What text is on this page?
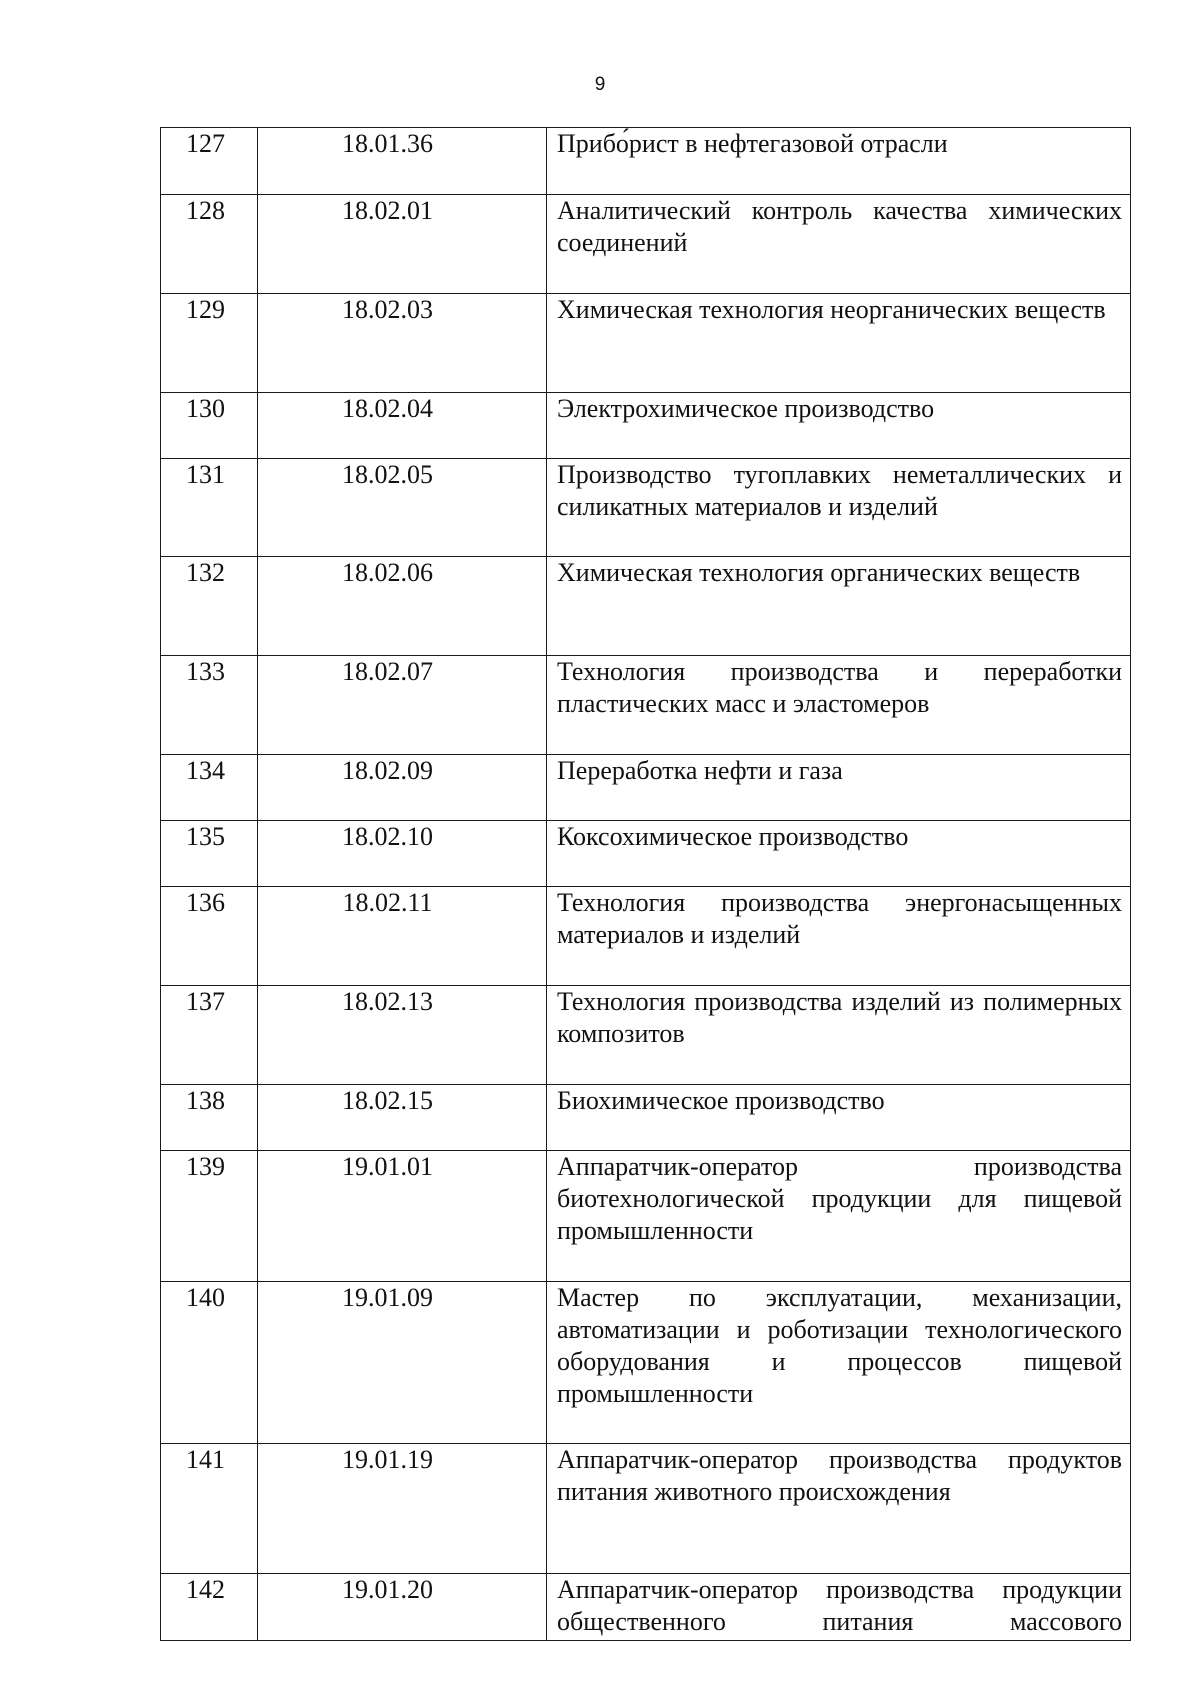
9
127	18.01.36	Прибо́рист в нефтегазовой отрасли
128	18.02.01	Аналитический контроль качества химических соединений
129	18.02.03	Химическая технология неорганических веществ
130	18.02.04	Электрохимическое производство
131	18.02.05	Производство тугоплавких неметаллических и силикатных материалов и изделий
132	18.02.06	Химическая технология органических веществ
133	18.02.07	Технология производства и переработки пластических масс и эластомеров
134	18.02.09	Переработка нефти и газа
135	18.02.10	Коксохимическое производство
136	18.02.11	Технология производства энергонасыщенных материалов и изделий
137	18.02.13	Технология производства изделий из полимерных композитов
138	18.02.15	Биохимическое производство
139	19.01.01	Аппаратчик-оператор производства биотехнологической продукции для пищевой промышленности
140	19.01.09	Мастер по эксплуатации, механизации, автоматизации и роботизации технологического оборудования и процессов пищевой промышленности
141	19.01.19	Аппаратчик-оператор производства продуктов питания животного происхождения
142	19.01.20	Аппаратчик-оператор производства продукции общественного питания массового
